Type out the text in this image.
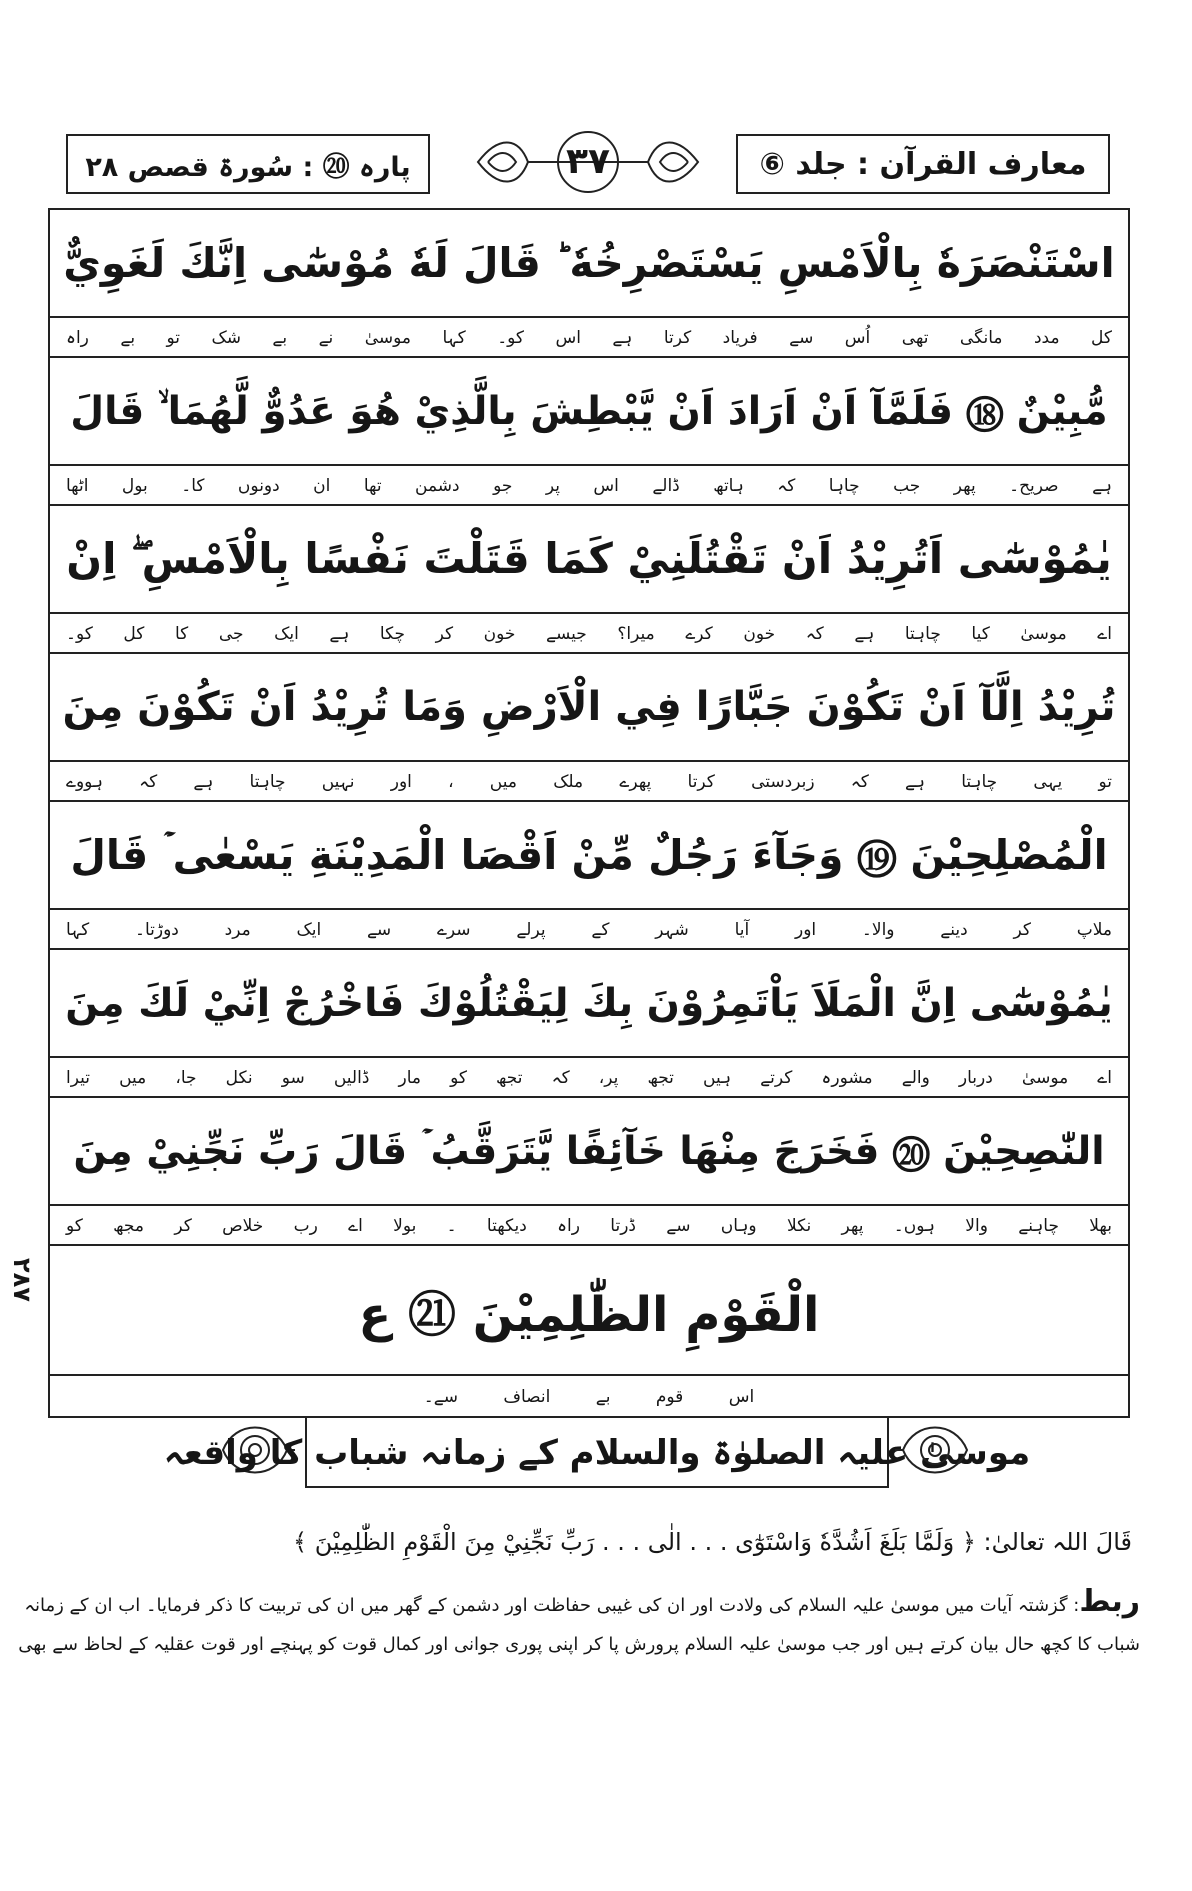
معارف القرآن : جلد ⑥
۳۷
پارہ ⑳ : سُورۃ قصص ۲۸
اسْتَنْصَرَهٗ بِالْاَمْسِ يَسْتَصْرِخُهٗ ؕ قَالَ لَهٗ مُوْسٰٓى اِنَّكَ لَغَوِيٌّ
کل مدد مانگی تھی اُس سے فریاد کرتا ہے اس کو۔ کہا موسیٰ نے بے شک تو بے راہ
مُّبِيْنٌ ⑱ فَلَمَّآ اَنْ اَرَادَ اَنْ يَّبْطِشَ بِالَّذِيْ هُوَ عَدُوٌّ لَّهُمَا ۙ قَالَ
ہے صریح۔ پھر جب چاہا کہ ہاتھ ڈالے اس پر جو دشمن تھا ان دونوں کا۔ بول اٹھا
يٰمُوْسٰٓى اَتُرِيْدُ اَنْ تَقْتُلَنِيْ كَمَا قَتَلْتَ نَفْسًا بِالْاَمْسِ ۖ اِنْ
اے موسیٰ کیا چاہتا ہے کہ خون کرے میرا؟ جیسے خون کر چکا ہے ایک جی کا کل کو۔
تُرِيْدُ اِلَّآ اَنْ تَكُوْنَ جَبَّارًا فِي الْاَرْضِ وَمَا تُرِيْدُ اَنْ تَكُوْنَ مِنَ
تو یہی چاہتا ہے کہ زبردستی کرتا پھرے ملک میں ، اور نہیں چاہتا ہے کہ ہووے
الْمُصْلِحِيْنَ ⑲ وَجَآءَ رَجُلٌ مِّنْ اَقْصَا الْمَدِيْنَةِ يَسْعٰى ۡ قَالَ
ملاپ کر دینے والا۔ اور آیا شہر کے پرلے سرے سے ایک مرد دوڑتا۔ کہا
يٰمُوْسٰٓى اِنَّ الْمَلَاَ يَاْتَمِرُوْنَ بِكَ لِيَقْتُلُوْكَ فَاخْرُجْ اِنِّيْ لَكَ مِنَ
اے موسیٰ دربار والے مشورہ کرتے ہیں تجھ پر، کہ تجھ کو مار ڈالیں سو نکل جا، میں تیرا
النّٰصِحِيْنَ ⑳ فَخَرَجَ مِنْهَا خَآئِفًا يَّتَرَقَّبُ ۡ قَالَ رَبِّ نَجِّنِيْ مِنَ
بھلا چاہنے والا ہوں۔ پھر نکلا وہاں سے ڈرتا راہ دیکھتا ۔ بولا اے رب خلاص کر مجھ کو
الْقَوْمِ الظّٰلِمِيْنَ ㉑ ع
اس قوم بے انصاف سے۔
۲۸۷
موسیٰ علیہ الصلوٰۃ والسلام کے زمانہ شباب کا واقعہ
قَالَ اللہ تعالیٰ: ﴿ وَلَمَّا بَلَغَ اَشُدَّهٗ وَاسْتَوٰٓى . . . الٰى . . . رَبِّ نَجِّنِيْ مِنَ الْقَوْمِ الظّٰلِمِيْنَ ﴾
ربط: گزشتہ آیات میں موسیٰ علیہ السلام کی ولادت اور ان کی غیبی حفاظت اور دشمن کے گھر میں ان کی تربیت کا ذکر فرمایا۔ اب ان کے زمانہ
شباب کا کچھ حال بیان کرتے ہیں اور جب موسیٰ علیہ السلام پرورش پا کر اپنی پوری جوانی اور کمال قوت کو پہنچے اور قوت عقلیہ کے لحاظ سے بھی
